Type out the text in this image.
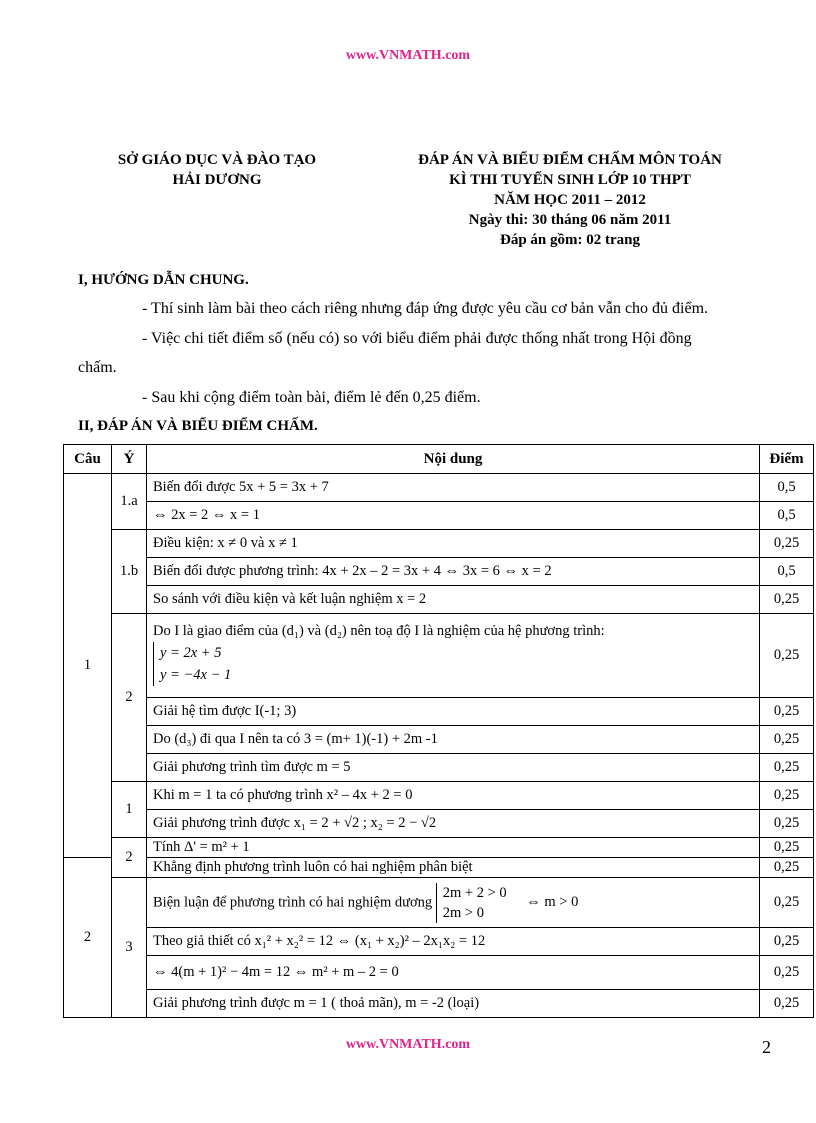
www.VNMATH.com
SỞ GIÁO DỤC VÀ ĐÀO TẠO
HẢI DƯƠNG
ĐÁP ÁN VÀ BIỂU ĐIỂM CHẤM MÔN TOÁN
KÌ THI TUYỂN SINH LỚP 10 THPT
NĂM HỌC 2011 – 2012
Ngày thi: 30 tháng 06 năm 2011
Đáp án gồm: 02 trang
I, HƯỚNG DẪN CHUNG.
- Thí sinh làm bài theo cách riêng nhưng đáp ứng được yêu cầu cơ bản vẫn cho đủ điểm.
- Việc chi tiết điểm số (nếu có) so với biểu điểm phải được thống nhất trong Hội đồng
chấm.
- Sau khi cộng điểm toàn bài, điểm lẻ đến 0,25 điểm.
II, ĐÁP ÁN VÀ BIỂU ĐIỂM CHẤM.
Câu	Ý	Nội dung	Điểm
1	1.a	Biến đổi được 5x + 5 = 3x + 7	0,5
		⇔ 2x = 2 ⇔ x = 1	0,5
	1.b	Điều kiện: x ≠ 0 và x ≠ 1	0,25
		Biến đổi được phương trình: 4x + 2x – 2 = 3x + 4 ⇔ 3x = 6 ⇔ x = 2	0,5
		So sánh với điều kiện và kết luận nghiệm x = 2	0,25
	2	Do I là giao điểm của (d₁) và (d₂) nên toạ độ I là nghiệm của hệ phương trình:
y = 2x + 5
y = −4x − 1	0,25
		Giải hệ tìm được I(-1; 3)	0,25
		Do (d₃) đi qua I nên ta có 3 = (m+ 1)(-1) + 2m -1	0,25
		Giải phương trình tìm được m = 5	0,25
	1	Khi m = 1 ta có phương trình x² – 4x + 2 = 0	0,25
		Giải phương trình được x₁ = 2 + √2 ; x₂ = 2 − √2	0,25
	2	Tính Δ' = m² + 1	0,25
2		Khẳng định phương trình luôn có hai nghiệm phân biệt	0,25
	3	Biện luận để phương trình có hai nghiệm dương
2m + 2 > 0
2m > 0
⇔ m > 0	0,25
		Theo giả thiết có x₁² + x₂² = 12 ⇔ (x₁ + x₂)² – 2x₁x₂ = 12	0,25
		⇔ 4(m + 1)² − 4m = 12 ⇔ m² + m – 2 = 0	0,25
		Giải phương trình được m = 1 ( thoả mãn), m = -2 (loại)	0,25
www.VNMATH.com	2
